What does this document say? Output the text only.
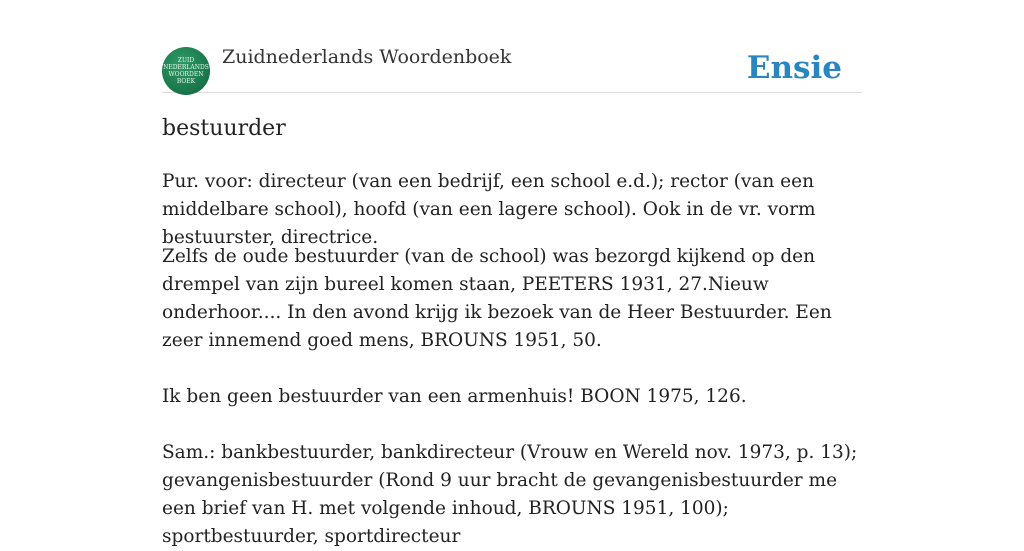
ZUID
NEDERLANDS
WOORDEN
BOEK
Zuidnederlands Woordenboek	Ensie
bestuurder

Pur. voor: directeur (van een bedrijf, een school e.d.); rector (van een middelbare school), hoofd (van een lagere school). Ook in de vr. vorm bestuurster, directrice.

Zelfs de oude bestuurder (van de school) was bezorgd kijkend op den drempel van zijn bureel komen staan, PEETERS 1931, 27.Nieuw onderhoor.... In den avond krijg ik bezoek van de Heer Bestuurder. Een zeer innemend goed mens, BROUNS 1951, 50.

Ik ben geen bestuurder van een armenhuis! BOON 1975, 126.

Sam.: bankbestuurder, bankdirecteur (Vrouw en Wereld nov. 1973, p. 13); gevangenisbestuurder (Rond 9 uur bracht de gevangenisbestuurder me een brief van H. met volgende inhoud, BROUNS 1951, 100); sportbestuurder, sportdirecteur
